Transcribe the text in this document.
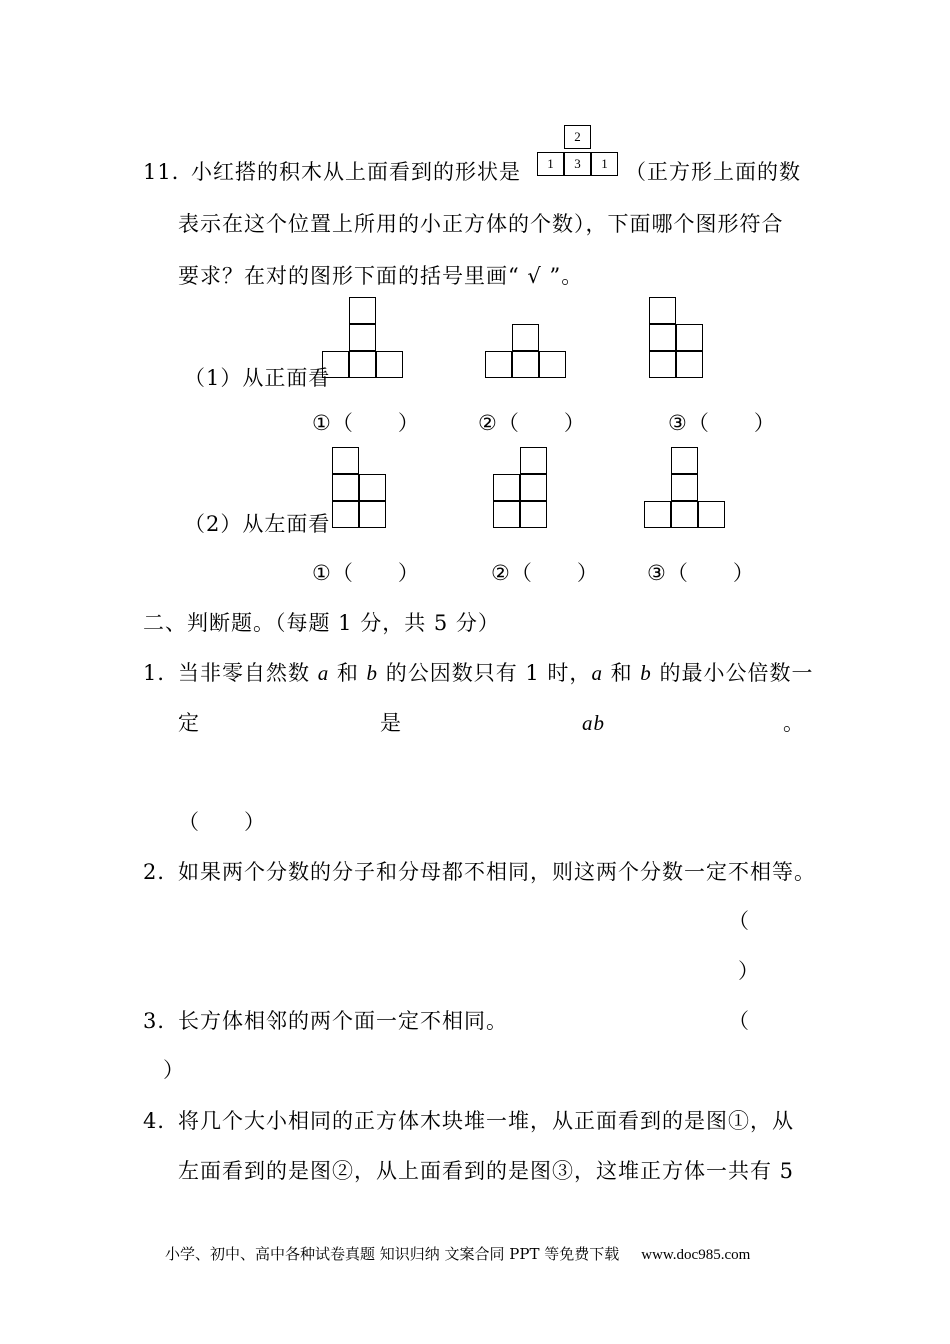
11．
小红搭的积木从上面看到的形状是
2
1	3	1 （正方形上面的数
表示在这个位置上所用的小正方体的个数），下面哪个图形符合
要求？在对的图形下面的括号里画“ √ ”。
（1）从正面看
①（　　）	②（　　）	③（　　）
（2）从左面看
①（　　）	②（　　） ③（　　）
二、判断题。（每题 1 分，共 5 分）
1．
当非零自然数 a 和 b 的公因数只有 1 时，a 和 b 的最小公倍数一
定	是	ab	。
（　　）
2．
如果两个分数的分子和分母都不相同，则这两个分数一定不相等。
（
）
3．
长方体相邻的两个面一定不相同。	（
）
4．
将几个大小相同的正方体木块堆一堆，从正面看到的是图①，从
左面看到的是图②，从上面看到的是图③，这堆正方体一共有 5
小学、初中、高中各种试卷真题 知识归纳 文案合同 PPT 等免费下载 www.doc985.com
